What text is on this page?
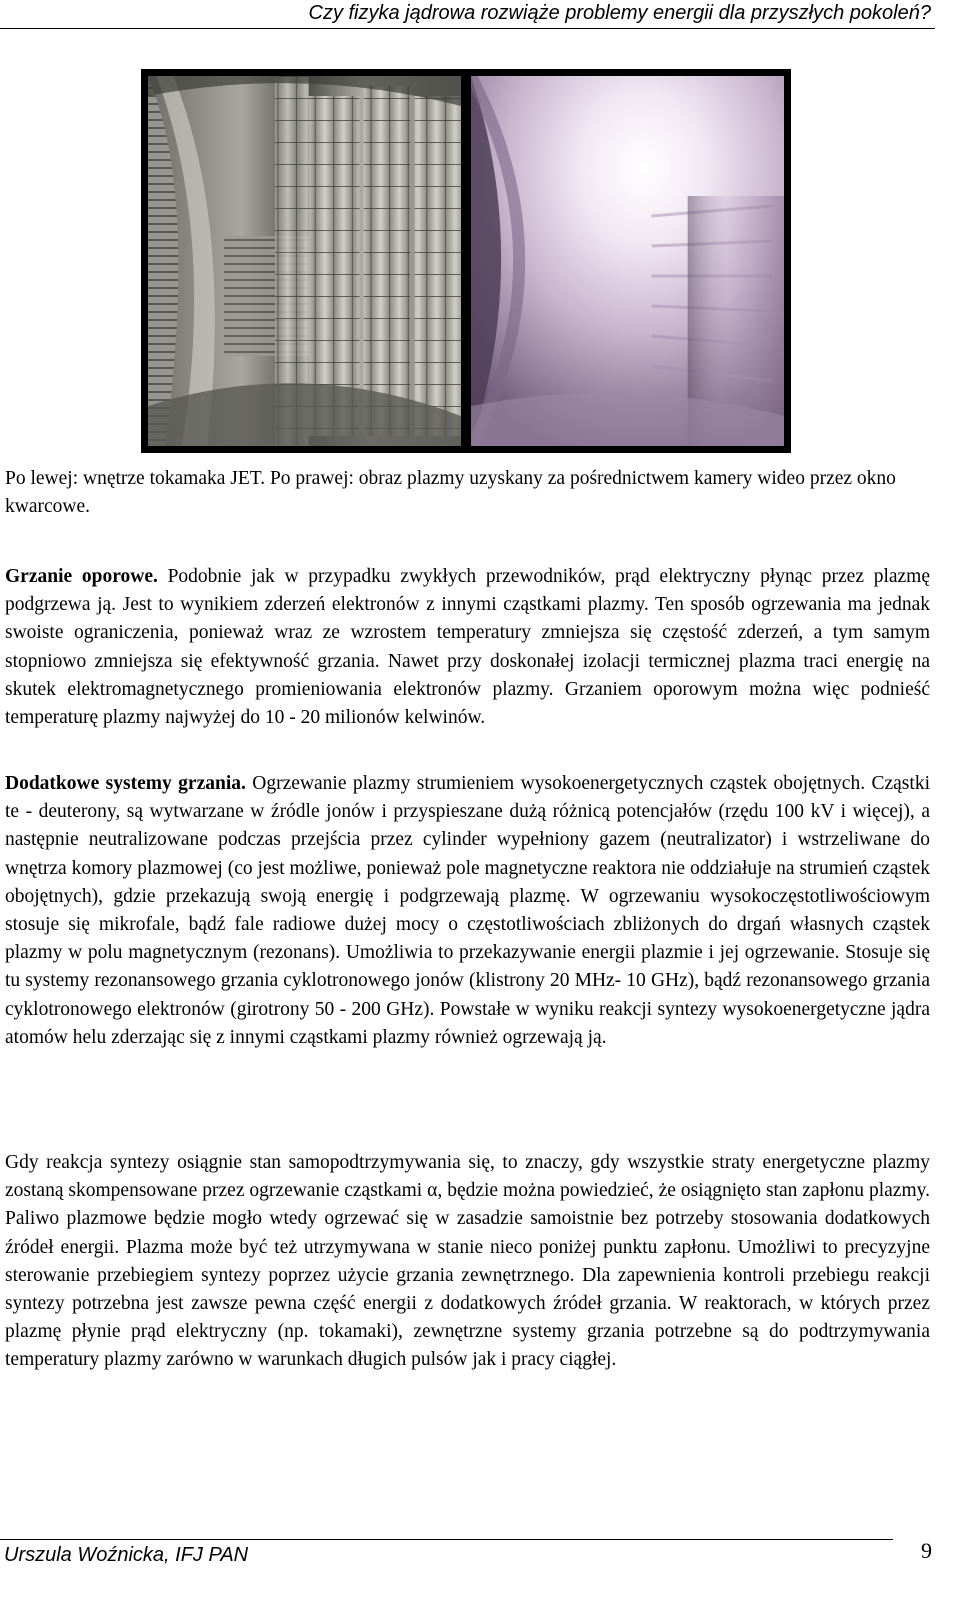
Czy fizyka jądrowa rozwiąże problemy energii dla przyszłych pokoleń?

Po lewej: wnętrze tokamaka JET. Po prawej: obraz plazmy uzyskany za pośrednictwem kamery wideo przez okno kwarcowe.

Grzanie oporowe. Podobnie jak w przypadku zwykłych przewodników, prąd elektryczny płynąc przez plazmę podgrzewa ją. Jest to wynikiem zderzeń elektronów z innymi cząstkami plazmy. Ten sposób ogrzewania ma jednak swoiste ograniczenia, ponieważ wraz ze wzrostem temperatury zmniejsza się częstość zderzeń, a tym samym stopniowo zmniejsza się efektywność grzania. Nawet przy doskonałej izolacji termicznej plazma traci energię na skutek elektromagnetycznego promieniowania elektronów plazmy. Grzaniem oporowym można więc podnieść temperaturę plazmy najwyżej do 10 - 20 milionów kelwinów.

Dodatkowe systemy grzania. Ogrzewanie plazmy strumieniem wysokoenergetycznych cząstek obojętnych. Cząstki te - deuterony, są wytwarzane w źródle jonów i przyspieszane dużą różnicą potencjałów (rzędu 100 kV i więcej), a następnie neutralizowane podczas przejścia przez cylinder wypełniony gazem (neutralizator) i wstrzeliwane do wnętrza komory plazmowej (co jest możliwe, ponieważ pole magnetyczne reaktora nie oddziałuje na strumień cząstek obojętnych), gdzie przekazują swoją energię i podgrzewają plazmę. W ogrzewaniu wysokoczęstotliwościowym stosuje się mikrofale, bądź fale radiowe dużej mocy o częstotliwościach zbliżonych do drgań własnych cząstek plazmy w polu magnetycznym (rezonans). Umożliwia to przekazywanie energii plazmie i jej ogrzewanie. Stosuje się tu systemy rezonansowego grzania cyklotronowego jonów (klistrony 20 MHz- 10 GHz), bądź rezonansowego grzania cyklotronowego elektronów (girotrony 50 - 200 GHz). Powstałe w wyniku reakcji syntezy wysokoenergetyczne jądra atomów helu zderzając się z innymi cząstkami plazmy również ogrzewają ją.

Gdy reakcja syntezy osiągnie stan samopodtrzymywania się, to znaczy, gdy wszystkie straty energetyczne plazmy zostaną skompensowane przez ogrzewanie cząstkami α, będzie można powiedzieć, że osiągnięto stan zapłonu plazmy. Paliwo plazmowe będzie mogło wtedy ogrzewać się w zasadzie samoistnie bez potrzeby stosowania dodatkowych źródeł energii. Plazma może być też utrzymywana w stanie nieco poniżej punktu zapłonu. Umożliwi to precyzyjne sterowanie przebiegiem syntezy poprzez użycie grzania zewnętrznego. Dla zapewnienia kontroli przebiegu reakcji syntezy potrzebna jest zawsze pewna część energii z dodatkowych źródeł grzania. W reaktorach, w których przez plazmę płynie prąd elektryczny (np. tokamaki), zewnętrzne systemy grzania potrzebne są do podtrzymywania temperatury plazmy zarówno w warunkach długich pulsów jak i pracy ciągłej.

Urszula Woźnicka, IFJ PAN	9
